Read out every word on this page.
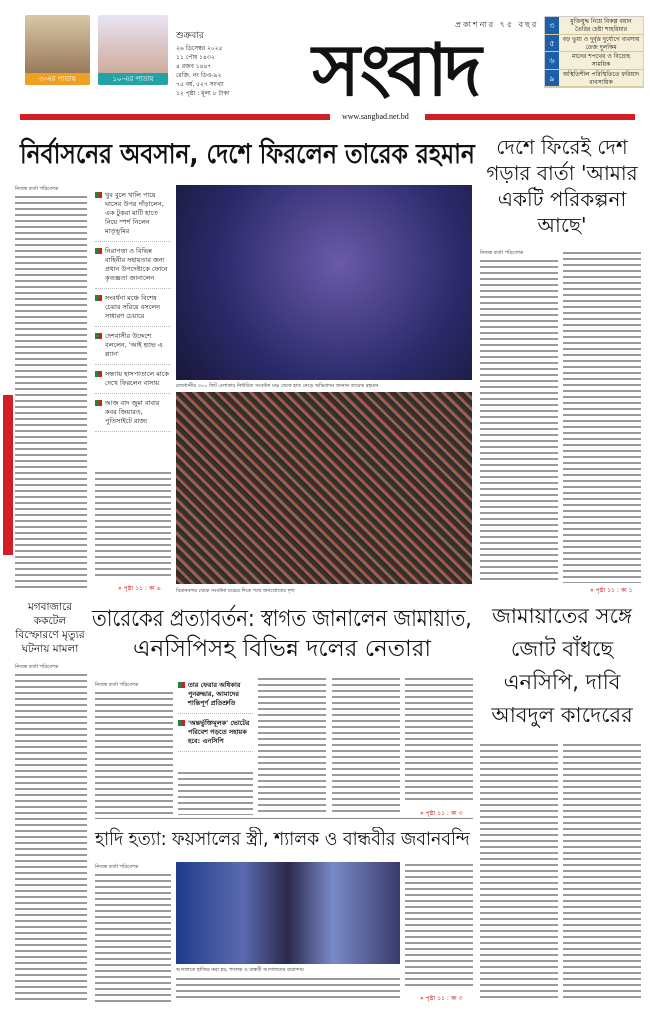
৩-এর পাতায়	১০-এর পাতায়
শুক্রবার
২৬ ডিসেম্বর ২০২৫
১১ পৌষ ১৪৩২
৪ রজব ১৪৪৭
রেজি. নং ডিএ-৯২
৭৫ বর্ষ, ৫২৭ সংখ্যা
১২ পৃষ্ঠা : মূল্য ৮ টাকা
প্রকাশনার ৭৫ বছর
সংবাদ
৩	মুক্তিযুদ্ধ নিয়ে বিকল্প বয়ান তৈরির চেষ্টা শাহরিয়ার
৫	বড় ভুয়া ও দুর্বৃত্ত দুর্যোগে ব্যবসায় তেজ দুলকিম
৬	মানের শপথের ও বিদ্রোহ সাময়িক
৯	অস্থিতিশীল পরিস্থিতিতে ফরিয়াদ ব্যবসায়িক
www.sangbad.net.bd
নির্বাসনের অবসান, দেশে ফিরলেন তারেক রহমান	দেশে ফিরেই দেশ গড়ার বার্তা 'আমার একটি পরিকল্পনা আছে'
নিজস্ব বার্তা পরিবেশক
খুব বুলে খালি পায়ে ঘাসের উপর দাঁড়ালেন, এক টুকরা মাটি হাতে নিয়ে স্পর্শ নিলেন মাতৃভূমির
নিরাপত্তা ও বিভিন্ন বাহিনীর সহায়তার জন্য প্রধান উপদেষ্টাকে ফোনে কৃতজ্ঞতা জানালেন
সংবর্ধনা মঞ্চে বিশেষ চেয়ার সরিয়ে বসলেন সাধারণ চেয়ারে
দেশবাসীর উদ্দেশে বললেন, 'আই হ্যাভ এ প্ল্যান'
সন্ধ্যায় হাসপাতালে মাকে দেখে ফিরলেন বাসায়
আজ বাদ জুমা বাবার কবর জিয়ারত, পুতিসাইটে রাজ্য
» পৃষ্ঠা ১১ : কা ৬
রাজধানীর ৩০০ ফিট এলাকায় নির্ধারিত সংবর্ধনা মঞ্চ থেকে হাত নেড়ে অভিবাদন জানান তারেক রহমান
বিমানবন্দর থেকে সংবর্ধনা মঞ্চের দিকে পথে জনস্রোতের দৃশ্য
নিজস্ব বার্তা পরিবেশক
» পৃষ্ঠা ১১ : কা ১
মগবাজারে ককটেল বিস্ফোরণে মৃত্যুর ঘটনায় মামলা
নিজস্ব বার্তা পরিবেশক
তারেকের প্রত্যাবর্তন: স্বাগত জানালেন জামায়াত,
এনসিপিসহ বিভিন্ন দলের নেতারা
জামায়াতের সঙ্গে জোট বাঁধছে এনসিপি, দাবি আবদুল কাদেরের
নিজস্ব বার্তা পরিবেশক	তার ফেরার অধিকার পুনরুদ্ধার, আমাদের শান্তিপূর্ণ প্রতিশ্রুতি
'অন্তর্ভুক্তিমূলক' ভোটের পরিবেশ গড়তে সহায়ক হবে: এনসিপি
» পৃষ্ঠা ১১ : কা ৩
হাদি হত্যা: ফয়সালের স্ত্রী, শ্যালক ও বান্ধবীর জবানবন্দি
নিজস্ব বার্তা পরিবেশক
আদালতে হাজির করা হয়, শ্যালক ও বান্ধবী আদালতের বারান্দায়
» পৃষ্ঠা ১১ : কা ৩
